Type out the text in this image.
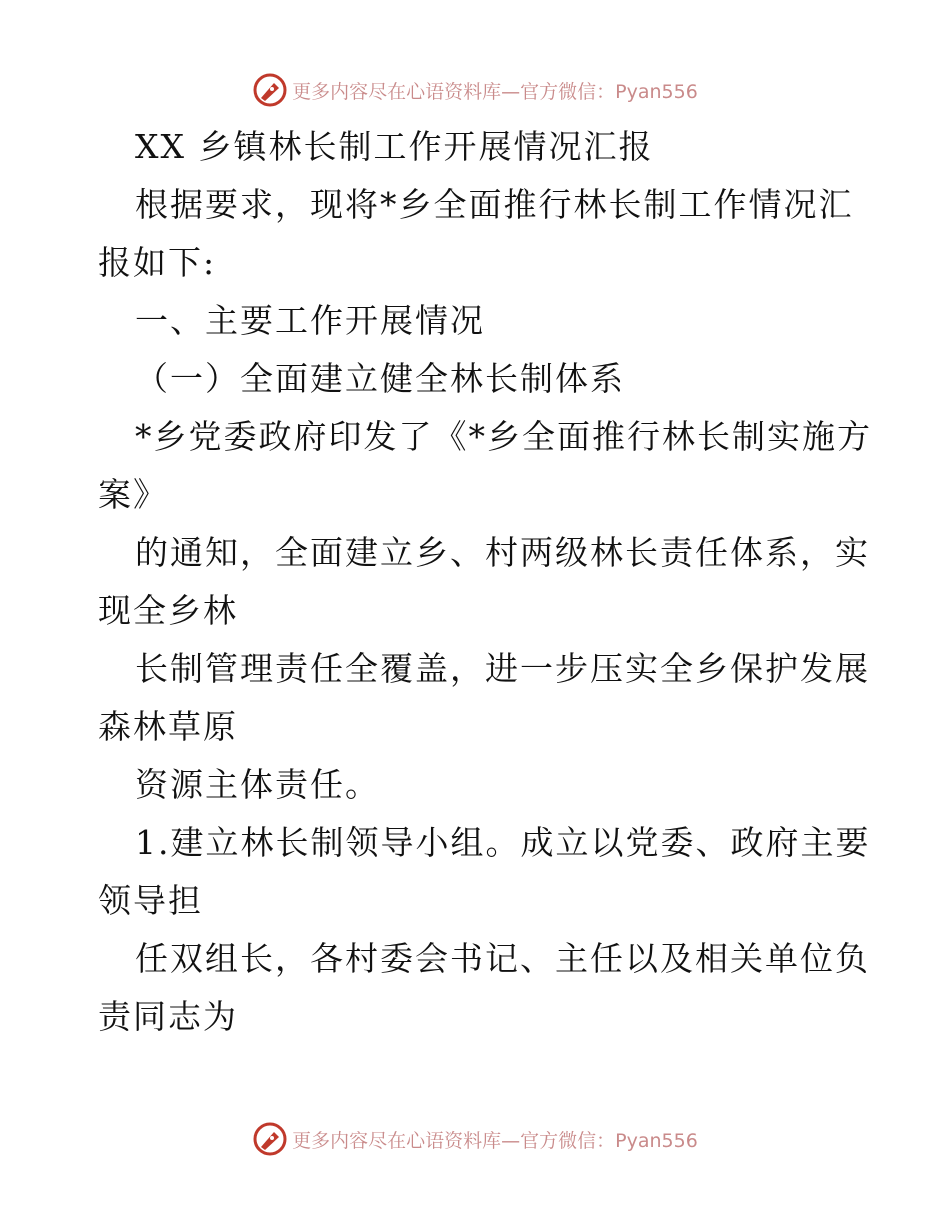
更多内容尽在心语资料库—官方微信：Pyan556
XX 乡镇林长制工作开展情况汇报
根据要求，现将*乡全面推行林长制工作情况汇
报如下:
一、主要工作开展情况
（一）全面建立健全林长制体系
*乡党委政府印发了《*乡全面推行林长制实施方
案》
的通知，全面建立乡、村两级林长责任体系，实
现全乡林
长制管理责任全覆盖，进一步压实全乡保护发展
森林草原
资源主体责任。
1.建立林长制领导小组。成立以党委、政府主要
领导担
任双组长，各村委会书记、主任以及相关单位负
责同志为
更多内容尽在心语资料库—官方微信：Pyan556
